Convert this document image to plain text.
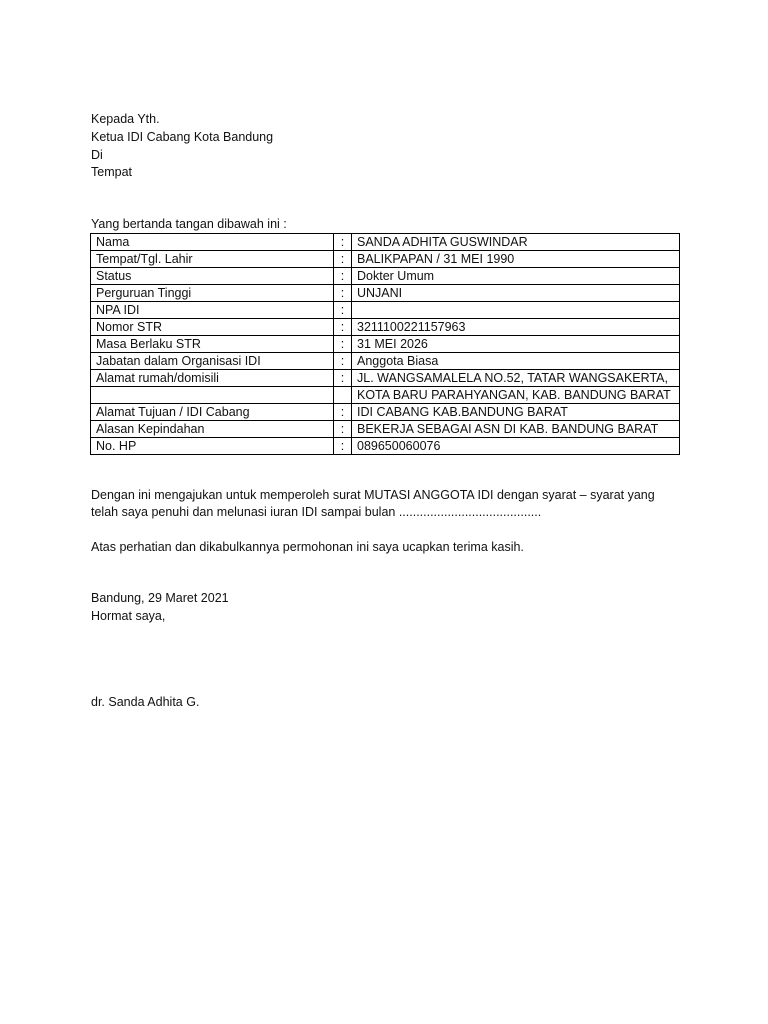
Kepada Yth.
Ketua IDI Cabang Kota Bandung
Di
Tempat
Yang bertanda tangan dibawah ini :
Nama	:	SANDA ADHITA GUSWINDAR
Tempat/Tgl. Lahir	:	BALIKPAPAN / 31 MEI 1990
Status	:	Dokter Umum
Perguruan Tinggi	:	UNJANI
NPA IDI	:	
Nomor STR	:	3211100221157963
Masa Berlaku STR	:	31 MEI 2026
Jabatan dalam Organisasi IDI	:	Anggota Biasa
Alamat rumah/domisili	:	JL. WANGSAMALELA NO.52, TATAR WANGSAKERTA,
		KOTA BARU PARAHYANGAN, KAB. BANDUNG BARAT
Alamat Tujuan / IDI Cabang	:	IDI CABANG KAB.BANDUNG BARAT
Alasan Kepindahan	:	BEKERJA SEBAGAI ASN DI KAB. BANDUNG BARAT
No. HP	:	089650060076
Dengan ini mengajukan untuk memperoleh surat MUTASI ANGGOTA IDI dengan syarat – syarat yang
telah saya penuhi dan melunasi iuran IDI sampai bulan .........................................
Atas perhatian dan dikabulkannya permohonan ini saya ucapkan terima kasih.
Bandung, 29 Maret 2021
Hormat saya,
dr. Sanda Adhita G.
